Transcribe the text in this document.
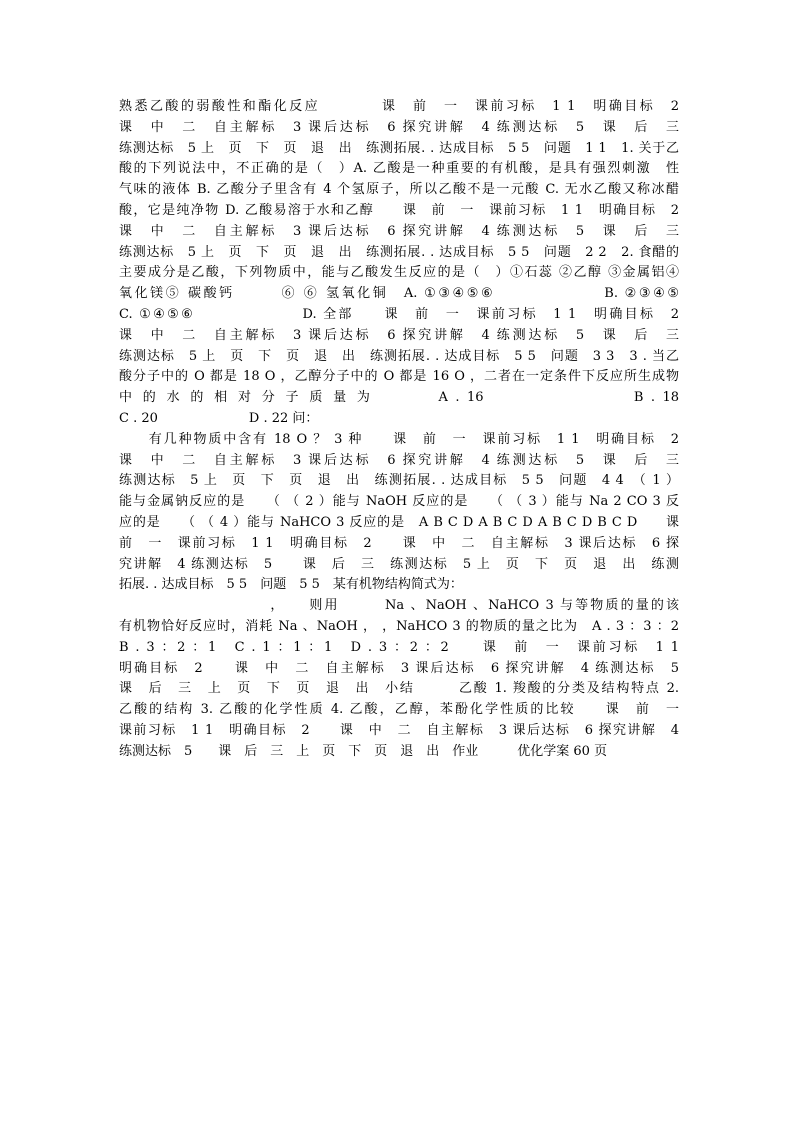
熟悉乙酸的弱酸性和酯化反应　　　　课　前　一　课前习标　1 1　明确目标　2
课　中　二　自主解标　3 课后达标　6 探究讲解　4 练测达标　5　课　后　三
练测达标　5 上　页　下　页　退　出　练测拓展. . 达成目标　5 5　问题　1 1　1. 关于乙
酸的下列说法中，不正确的是（　）A. 乙酸是一种重要的有机酸，是具有强烈刺激　性
气味的液体 B. 乙酸分子里含有 4 个氢原子，所以乙酸不是一元酸 C. 无水乙酸又称冰醋
酸，它是纯净物 D. 乙酸易溶于水和乙醇　　课　前　一　课前习标　1 1　明确目标　2
课　中　二　自主解标　3 课后达标　6 探究讲解　4 练测达标　5　课　后　三
练测达标　5 上　页　下　页　退　出　练测拓展. . 达成目标　5 5　问题　2 2　2. 食醋的
主要成分是乙酸，下列物质中，能与乙酸发生反应的是（　）①石蕊 ②乙醇 ③金属铝④
氧化镁⑤ 碳酸钙　　　⑥ ⑥ 氢氧化铜　A. ①③④⑤⑥　　　　　　　B. ②③④⑤
C. ①④⑤⑥　　　　　　　D. 全部　　课　前　一　课前习标　1 1　明确目标　2
课　中　二　自主解标　3 课后达标　6 探究讲解　4 练测达标　5　课　后　三
练测达标　5 上　页　下　页　退　出　练测拓展. . 达成目标　5 5　问题　3 3　3 . 当乙
酸分子中的 O 都是 18 O ，乙醇分子中的 O 都是 16 O ，二者在一定条件下反应所生成物
中 的 水 的 相 对 分 子 质 量 为　　　　A . 16　　　　　　　　　B . 18
C . 20　　　　　　　D . 22 问：
　　有几种物质中含有 18 O ？ 3 种　　课　前　一　课前习标　1 1　明确目标　2
课　中　二　自主解标　3 课后达标　6 探究讲解　4 练测达标　5　课　后　三
练测达标　5 上　页　下　页　退　出　练测拓展. . 达成目标　5 5　问题　4 4　（ 1 ）
能与金属钠反应的是　　（ （ 2 ）能与 NaOH 反应的是　　（ （ 3 ）能与 Na 2 CO 3 反
应的是　　（ （ 4 ）能与 NaHCO 3 反应的是　A B C D A B C D A B C D B C D　　课
前　一　课前习标　1 1　明确目标　2　　课　中　二　自主解标　3 课后达标　6 探
究讲解　4 练测达标　5　　课　后　三　练测达标　5 上　页　下　页　退　出　练测
拓展. . 达成目标　5 5　问题　5 5　某有机物结构简式为：
　　　　　　　　　　，　　则用　　　Na 、NaOH 、NaHCO 3 与等物质的量的该
有机物恰好反应时，消耗 Na 、NaOH ， ，NaHCO 3 的物质的量之比为　A . 3 ：3 ：2
B . 3 ：2 ：1　C . 1 ：1 ：1　D . 3 ：2 ：2　　课　前　一　课前习标　1 1
明确目标　2　　课　中　二　自主解标　3 课后达标　6 探究讲解　4 练测达标　5
课　后　三　上　页　下　页　退　出　小结　　　乙酸 1. 羧酸的分类及结构特点 2.
乙酸的结构 3. 乙酸的化学性质 4. 乙酸，乙醇，苯酚化学性质的比较　　课　前　一
课前习标　1 1　明确目标　2　　课　中　二　自主解标　3 课后达标　6 探究讲解　4
练测达标　5　　课　后　三　上　页　下　页　退　出　作业　　　优化学案 60 页
